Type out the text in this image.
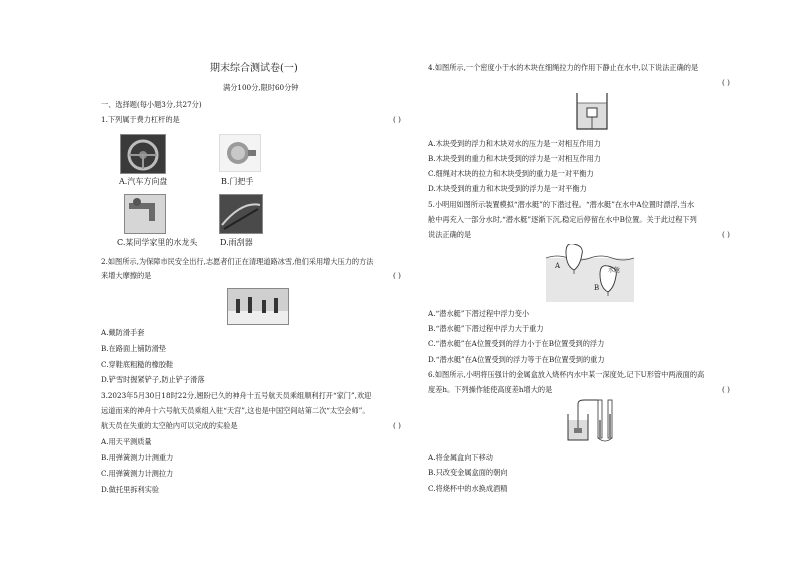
期末综合测试卷(一)
满分100分,限时60分钟
一、选择题(每小题3分,共27分)
1.下列属于费力杠杆的是	( )
A.汽车方向盘	B.门把手
C.某同学家里的水龙头	D.雨刮器
2.如图所示,为保障市民安全出行,志愿者们正在清理道路冰雪,他们采用增大压力的方法
来增大摩擦的是	( )
A.戴防滑手套
B.在路面上铺防滑垫
C.穿鞋底粗糙的橡胶鞋
D.铲雪时握紧铲子,防止铲子滑落
3.2023年5月30日18时22分,翘盼已久的神舟十五号航天员乘组顺利打开“家门”,欢迎
远道而来的神舟十六号航天员乘组入驻“天宫”,这也是中国空间站第二次“太空会师”。
航天员在失重的太空舱内可以完成的实验是	( )
A.用天平测质量
B.用弹簧测力计测重力
C.用弹簧测力计测拉力
D.做托里拆利实验
4.如图所示,一个密度小于水的木块在细绳拉力的作用下静止在水中,以下说法正确的是
( )
A.木块受到的浮力和木块对水的压力是一对相互作用力
B.木块受到的重力和木块受到的浮力是一对相互作用力
C.细绳对木块的拉力和木块受到的重力是一对平衡力
D.木块受到的重力和木块受到的浮力是一对平衡力
5.小明用如图所示装置模拟“潜水艇”的下潜过程。“潜水艇”在水中A位置时漂浮,当水
舱中再充入一部分水时,“潜水艇”逐渐下沉,稳定后停留在水中B位置。关于此过程下列
说法正确的是	( )
A
B
水舱
A.“潜水艇”下潜过程中浮力变小
B.“潜水艇”下潜过程中浮力大于重力
C.“潜水艇”在A位置受到的浮力小于在B位置受到的浮力
D.“潜水艇”在A位置受到的浮力等于在B位置受到的重力
6.如图所示,小明将压强计的金属盒放入烧杯内水中某一深度处,记下U形管中两液面的高
度差h。下列操作能使高度差h增大的是	( )
A.将金属盒向下移动
B.只改变金属盒面的朝向
C.将烧杯中的水换成酒精
